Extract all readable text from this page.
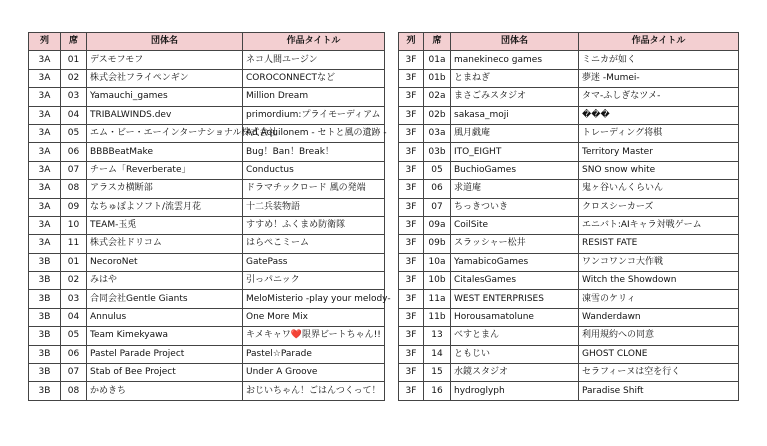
列	席	団体名	作品タイトル
3A	01	デスモフモフ	ネコ人間ユージン
3A	02	株式会社フライペンギン	COROCONNECTなど
3A	03	Yamauchi_games	Million Dream
3A	04	TRIBALWINDS.dev	primordium:プライモーディアム
3A	05	エム・ビー・エーインターナショナル株式会社	Ad Aquilonem - セトと風の遺跡 -
3A	06	BBBBeatMake	Bug！Ban！Break！
3A	07	チーム「Reverberate」	Conductus
3A	08	アラスカ横断部	ドラマチックロード 風の発端
3A	09	なちゅぽよソフト/流雲月花	十二兵装物語
3A	10	TEAM-玉兎	すすめ！ふくまめ防衛隊
3A	11	株式会社ドリコム	はらぺこミーム
3B	01	NecoroNet	GatePass
3B	02	みはや	引っパニック
3B	03	合同会社Gentle Giants	MeloMisterio -play your melody-
3B	04	Annulus	One More Mix
3B	05	Team Kimekyawa	キメキャワ❤️限界ビートちゃん!!
3B	06	Pastel Parade Project	Pastel☆Parade
3B	07	Stab of Bee Project	Under A Groove
3B	08	かめきち	おじいちゃん！ごはんつくって！
列	席	団体名	作品タイトル
3F	01a	manekineco games	ミニカが如く
3F	01b	とまねぎ	夢迷 -Mumei-
3F	02a	まさごみスタジオ	タマ-ふしぎなツメ-
3F	02b	sakasa_moji	���
3F	03a	風月戯庵	トレーディング将棋
3F	03b	ITO_EIGHT	Territory Master
3F	05	BuchioGames	SNO snow white
3F	06	求道庵	鬼ヶ谷いんくらいん
3F	07	ちっきついき	クロスシーカーズ
3F	09a	CoilSite	エニバト:AIキャラ対戦ゲーム
3F	09b	スラッシャー松井	RESIST FATE
3F	10a	YamabicoGames	ワンコワンコ大作戦
3F	10b	CitalesGames	Witch the Showdown
3F	11a	WEST ENTERPRISES	凍雪のケリィ
3F	11b	Horousamatolune	Wanderdawn
3F	13	べすとまん	利用規約への同意
3F	14	ともじい	GHOST CLONE
3F	15	水鏡スタジオ	セラフィーヌは空を行く
3F	16	hydroglyph	Paradise Shift
